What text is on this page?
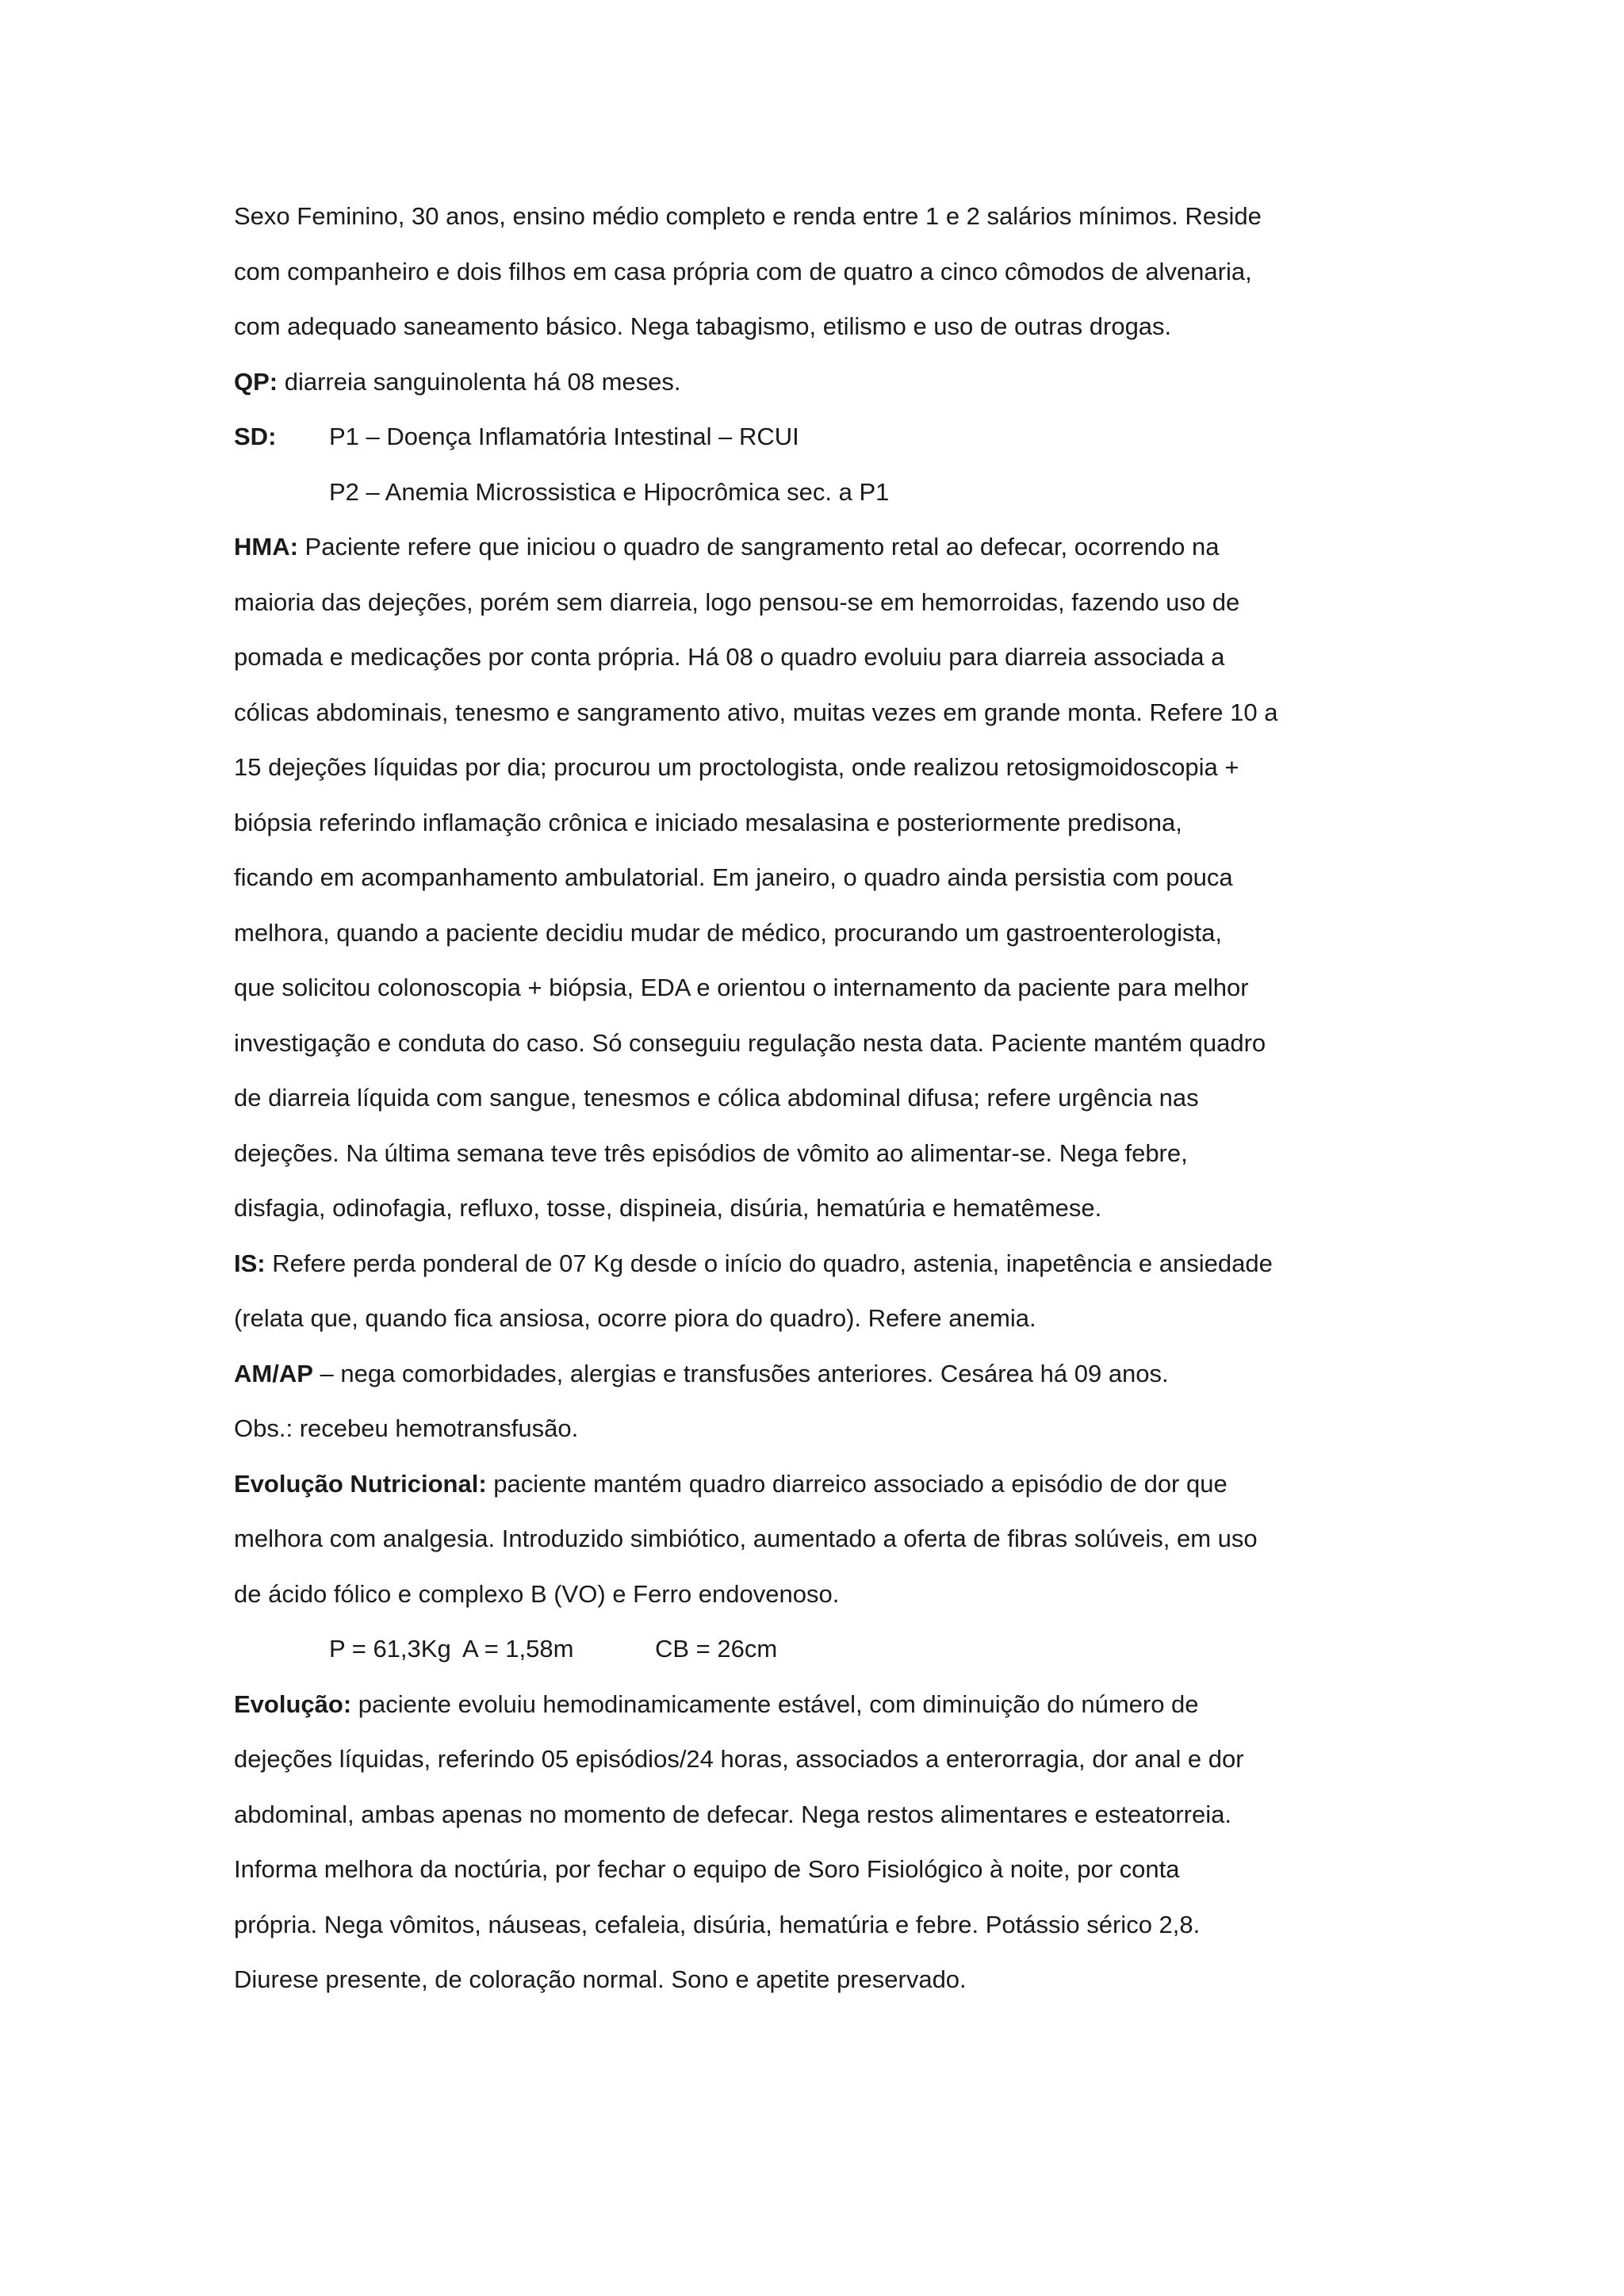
Sexo Feminino, 30 anos, ensino médio completo e renda entre 1 e 2 salários mínimos. Reside
com companheiro e dois filhos em casa própria com de quatro a cinco cômodos de alvenaria,
com adequado saneamento básico. Nega tabagismo, etilismo e uso de outras drogas.
QP: diarreia sanguinolenta há 08 meses.
SD:	P1 – Doença Inflamatória Intestinal – RCUI
P2 – Anemia Microssistica e Hipocrômica sec. a P1
HMA: Paciente refere que iniciou o quadro de sangramento retal ao defecar, ocorrendo na
maioria das dejeções, porém sem diarreia, logo pensou-se em hemorroidas, fazendo uso de
pomada e medicações por conta própria. Há 08 o quadro evoluiu para diarreia associada a
cólicas abdominais, tenesmo e sangramento ativo, muitas vezes em grande monta. Refere 10 a
15 dejeções líquidas por dia; procurou um proctologista, onde realizou retosigmoidoscopia +
biópsia referindo inflamação crônica e iniciado mesalasina e posteriormente predisona,
ficando em acompanhamento ambulatorial. Em janeiro, o quadro ainda persistia com pouca
melhora, quando a paciente decidiu mudar de médico, procurando um gastroenterologista,
que solicitou colonoscopia + biópsia, EDA e orientou o internamento da paciente para melhor
investigação e conduta do caso. Só conseguiu regulação nesta data. Paciente mantém quadro
de diarreia líquida com sangue, tenesmos e cólica abdominal difusa; refere urgência nas
dejeções. Na última semana teve três episódios de vômito ao alimentar-se. Nega febre,
disfagia, odinofagia, refluxo, tosse, dispineia, disúria, hematúria e hematêmese.
IS: Refere perda ponderal de 07 Kg desde o início do quadro, astenia, inapetência e ansiedade
(relata que, quando fica ansiosa, ocorre piora do quadro). Refere anemia.
AM/AP – nega comorbidades, alergias e transfusões anteriores. Cesárea há 09 anos.
Obs.: recebeu hemotransfusão.
Evolução Nutricional: paciente mantém quadro diarreico associado a episódio de dor que
melhora com analgesia. Introduzido simbiótico, aumentado a oferta de fibras solúveis, em uso
de ácido fólico e complexo B (VO) e Ferro endovenoso.
P = 61,3Kg A = 1,58m	CB = 26cm
Evolução: paciente evoluiu hemodinamicamente estável, com diminuição do número de
dejeções líquidas, referindo 05 episódios/24 horas, associados a enterorragia, dor anal e dor
abdominal, ambas apenas no momento de defecar. Nega restos alimentares e esteatorreia.
Informa melhora da noctúria, por fechar o equipo de Soro Fisiológico à noite, por conta
própria. Nega vômitos, náuseas, cefaleia, disúria, hematúria e febre. Potássio sérico 2,8.
Diurese presente, de coloração normal. Sono e apetite preservado.
